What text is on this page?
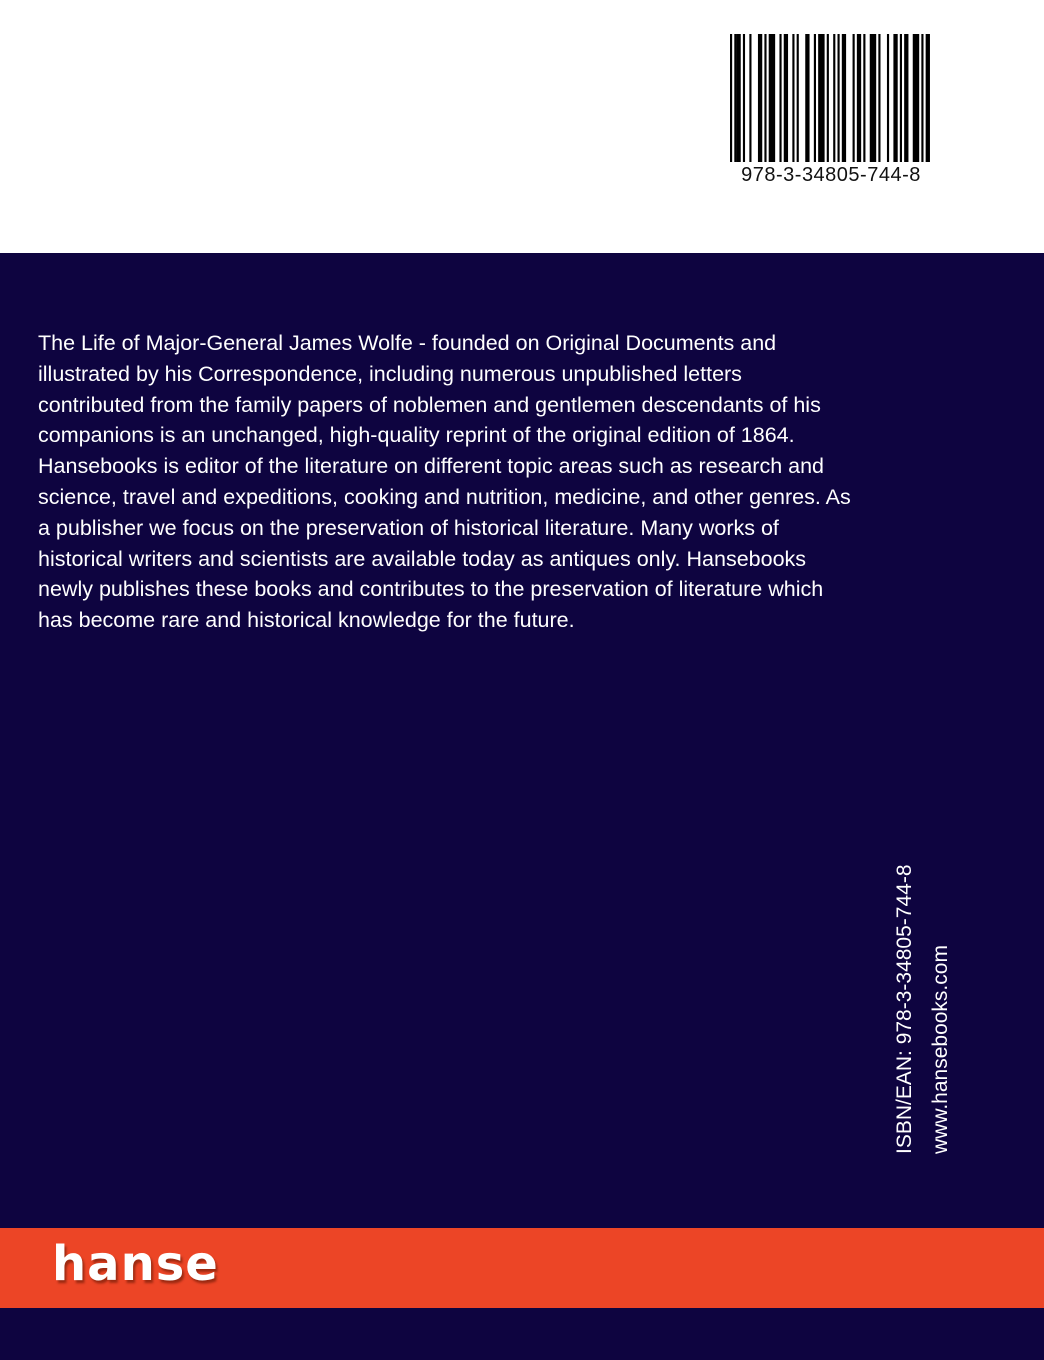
978-3-34805-744-8

The Life of Major-General James Wolfe - founded on Original Documents and
illustrated by his Correspondence, including numerous unpublished letters
contributed from the family papers of noblemen and gentlemen descendants of his
companions is an unchanged, high-quality reprint of the original edition of 1864.
Hansebooks is editor of the literature on different topic areas such as research and
science, travel and expeditions, cooking and nutrition, medicine, and other genres. As
a publisher we focus on the preservation of historical literature. Many works of
historical writers and scientists are available today as antiques only. Hansebooks
newly publishes these books and contributes to the preservation of literature which
has become rare and historical knowledge for the future.

ISBN/EAN: 978-3-34805-744-8 www.hansebooks.com
hanse
